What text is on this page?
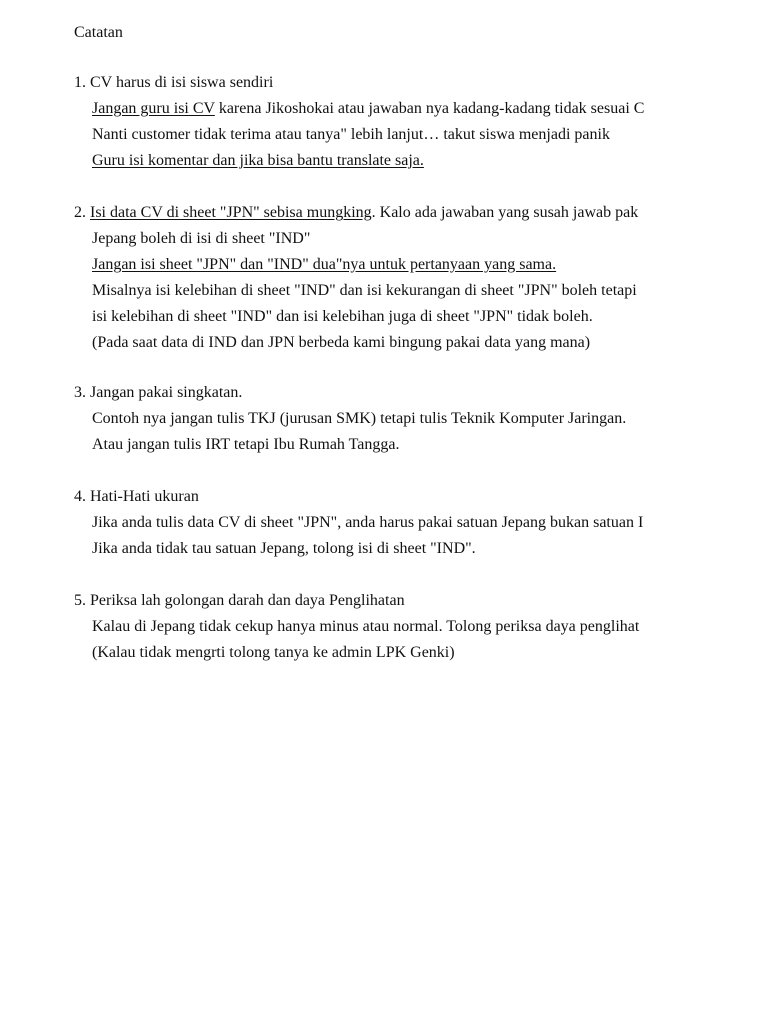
Catatan
1. CV harus di isi siswa sendiri
Jangan guru isi CV karena Jikoshokai atau jawaban nya kadang-kadang tidak sesuai C
Nanti customer tidak terima atau tanya" lebih lanjut… takut siswa menjadi panik
Guru isi komentar dan jika bisa bantu translate saja.
2. Isi data CV di sheet "JPN" sebisa mungking. Kalo ada jawaban yang susah jawab pak
Jepang boleh di isi di sheet "IND"
Jangan isi sheet "JPN" dan "IND" dua"nya untuk pertanyaan yang sama.
Misalnya isi kelebihan di sheet "IND" dan isi kekurangan di sheet "JPN" boleh tetapi
isi kelebihan di sheet "IND" dan isi kelebihan juga di sheet "JPN" tidak boleh.
(Pada saat data di IND dan JPN berbeda kami bingung pakai data yang mana)
3. Jangan pakai singkatan.
Contoh nya jangan tulis TKJ (jurusan SMK) tetapi tulis Teknik Komputer Jaringan.
Atau jangan tulis IRT tetapi Ibu Rumah Tangga.
4. Hati-Hati ukuran
Jika anda tulis data CV di sheet "JPN", anda harus pakai satuan Jepang bukan satuan I
Jika anda tidak tau satuan Jepang, tolong isi di sheet "IND".
5. Periksa lah golongan darah dan daya Penglihatan
Kalau di Jepang tidak cekup hanya minus atau normal. Tolong periksa daya penglihat
(Kalau tidak mengrti tolong tanya ke admin LPK Genki)
